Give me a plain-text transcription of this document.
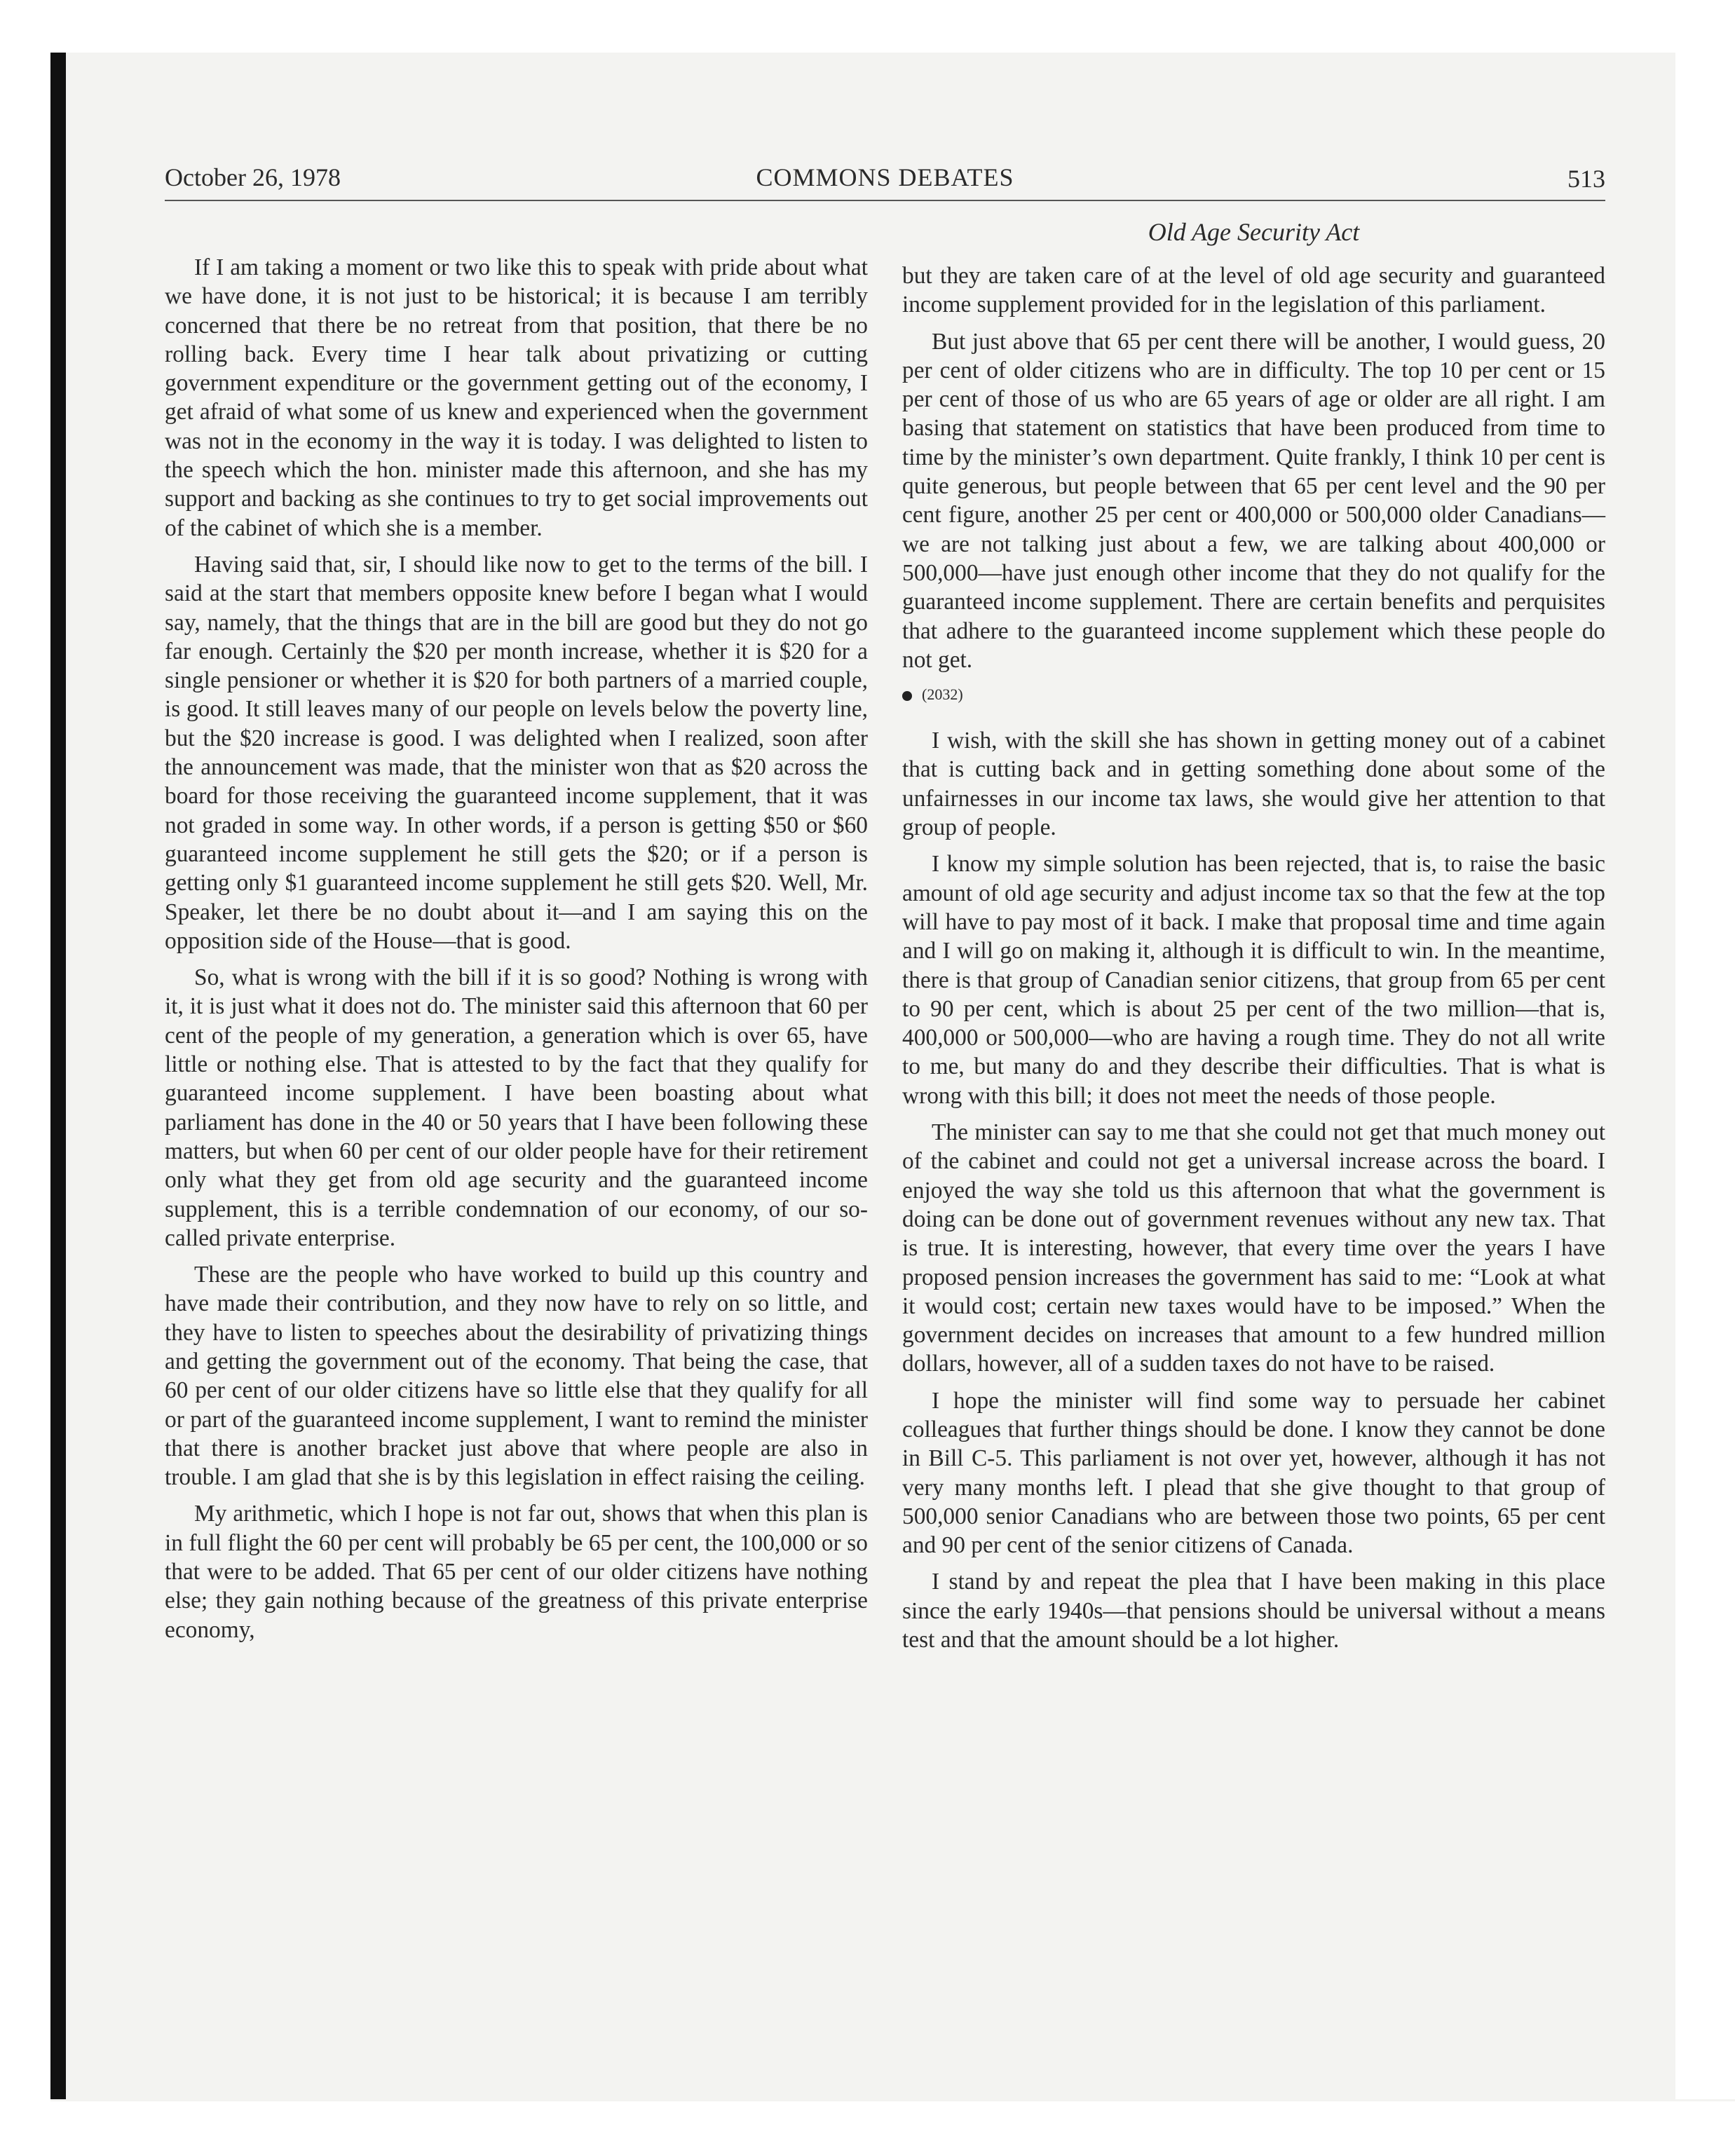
October 26, 1978	COMMONS DEBATES	513
Old Age Security Act

If I am taking a moment or two like this to speak with pride about what we have done, it is not just to be historical; it is because I am terribly concerned that there be no retreat from that position, that there be no rolling back. Every time I hear talk about privatizing or cutting government expenditure or the government getting out of the economy, I get afraid of what some of us knew and experienced when the government was not in the economy in the way it is today. I was delighted to listen to the speech which the hon. minister made this afternoon, and she has my support and backing as she continues to try to get social improvements out of the cabinet of which she is a member.

Having said that, sir, I should like now to get to the terms of the bill. I said at the start that members opposite knew before I began what I would say, namely, that the things that are in the bill are good but they do not go far enough. Certainly the $20 per month increase, whether it is $20 for a single pensioner or whether it is $20 for both partners of a married couple, is good. It still leaves many of our people on levels below the poverty line, but the $20 increase is good. I was delighted when I realized, soon after the announcement was made, that the minister won that as $20 across the board for those receiving the guaranteed income supplement, that it was not graded in some way. In other words, if a person is getting $50 or $60 guaranteed income supplement he still gets the $20; or if a person is getting only $1 guaranteed income supplement he still gets $20. Well, Mr. Speaker, let there be no doubt about it—and I am saying this on the opposition side of the House—that is good.

So, what is wrong with the bill if it is so good? Nothing is wrong with it, it is just what it does not do. The minister said this afternoon that 60 per cent of the people of my generation, a generation which is over 65, have little or nothing else. That is attested to by the fact that they qualify for guaranteed income supplement. I have been boasting about what parliament has done in the 40 or 50 years that I have been following these matters, but when 60 per cent of our older people have for their retirement only what they get from old age security and the guaranteed income supplement, this is a terrible condemnation of our economy, of our so-called private enterprise.

These are the people who have worked to build up this country and have made their contribution, and they now have to rely on so little, and they have to listen to speeches about the desirability of privatizing things and getting the government out of the economy. That being the case, that 60 per cent of our older citizens have so little else that they qualify for all or part of the guaranteed income supplement, I want to remind the minister that there is another bracket just above that where people are also in trouble. I am glad that she is by this legislation in effect raising the ceiling.

My arithmetic, which I hope is not far out, shows that when this plan is in full flight the 60 per cent will probably be 65 per cent, the 100,000 or so that were to be added. That 65 per cent of our older citizens have nothing else; they gain nothing because of the greatness of this private enterprise economy,

but they are taken care of at the level of old age security and guaranteed income supplement provided for in the legislation of this parliament.

But just above that 65 per cent there will be another, I would guess, 20 per cent of older citizens who are in difficulty. The top 10 per cent or 15 per cent of those of us who are 65 years of age or older are all right. I am basing that statement on statistics that have been produced from time to time by the minister’s own department. Quite frankly, I think 10 per cent is quite generous, but people between that 65 per cent level and the 90 per cent figure, another 25 per cent or 400,000 or 500,000 older Canadians—we are not talking just about a few, we are talking about 400,000 or 500,000—have just enough other income that they do not qualify for the guaranteed income supplement. There are certain benefits and perquisites that adhere to the guaranteed income supplement which these people do not get.

(2032)

I wish, with the skill she has shown in getting money out of a cabinet that is cutting back and in getting something done about some of the unfairnesses in our income tax laws, she would give her attention to that group of people.

I know my simple solution has been rejected, that is, to raise the basic amount of old age security and adjust income tax so that the few at the top will have to pay most of it back. I make that proposal time and time again and I will go on making it, although it is difficult to win. In the meantime, there is that group of Canadian senior citizens, that group from 65 per cent to 90 per cent, which is about 25 per cent of the two million—that is, 400,000 or 500,000—who are having a rough time. They do not all write to me, but many do and they describe their difficulties. That is what is wrong with this bill; it does not meet the needs of those people.

The minister can say to me that she could not get that much money out of the cabinet and could not get a universal increase across the board. I enjoyed the way she told us this afternoon that what the government is doing can be done out of government revenues without any new tax. That is true. It is interesting, however, that every time over the years I have proposed pension increases the government has said to me: “Look at what it would cost; certain new taxes would have to be imposed.” When the government decides on increases that amount to a few hundred million dollars, however, all of a sudden taxes do not have to be raised.

I hope the minister will find some way to persuade her cabinet colleagues that further things should be done. I know they cannot be done in Bill C-5. This parliament is not over yet, however, although it has not very many months left. I plead that she give thought to that group of 500,000 senior Canadians who are between those two points, 65 per cent and 90 per cent of the senior citizens of Canada.

I stand by and repeat the plea that I have been making in this place since the early 1940s—that pensions should be universal without a means test and that the amount should be a lot higher.
